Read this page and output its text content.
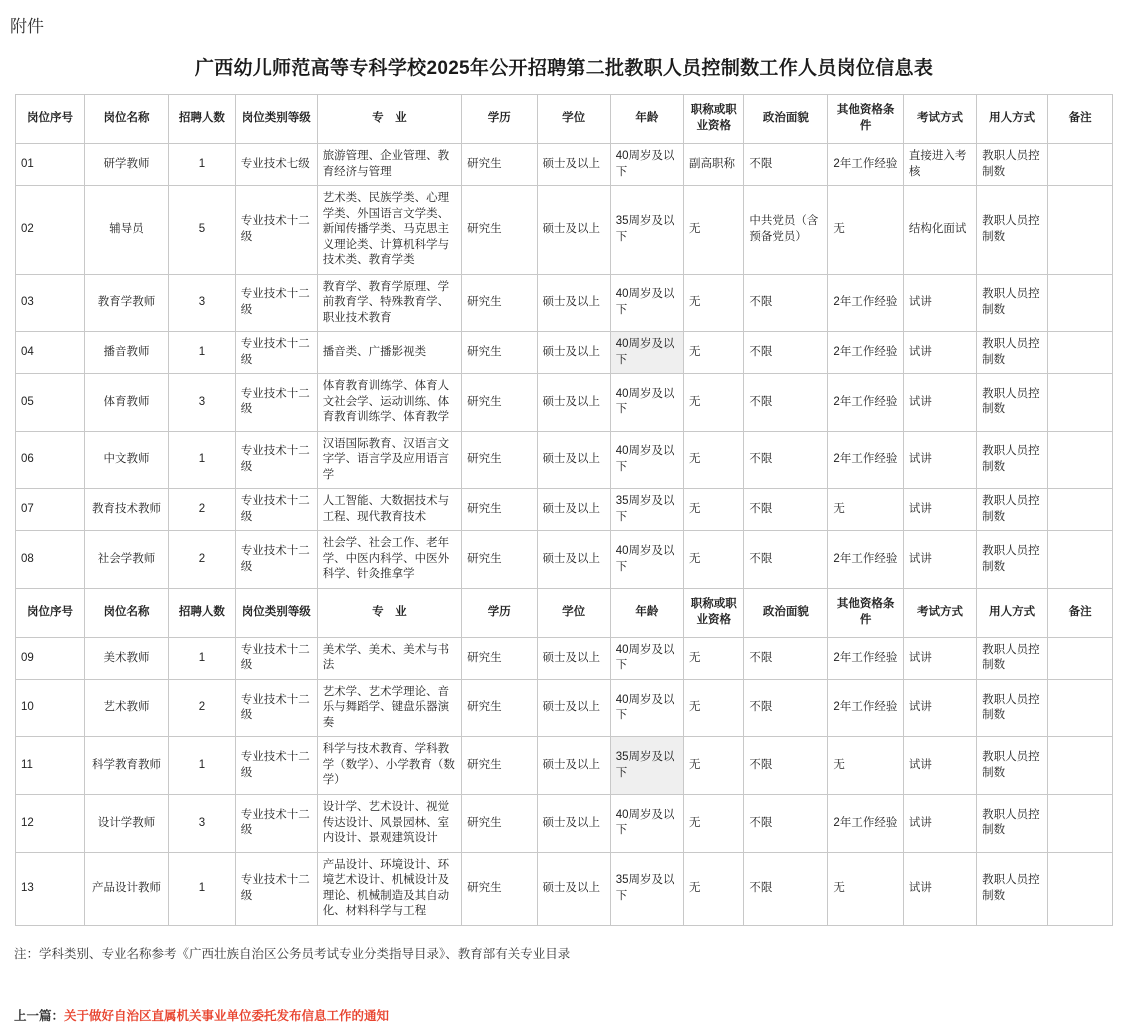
附件
广西幼儿师范高等专科学校2025年公开招聘第二批教职人员控制数工作人员岗位信息表
岗位序号	岗位名称	招聘人数	岗位类别等级	专　业	学历	学位	年龄	职称或职业资格	政治面貌	其他资格条件	考试方式	用人方式	备注
01	研学教师	1	专业技术七级	旅游管理、企业管理、教育经济与管理	研究生	硕士及以上	40周岁及以下	副高职称	不限	2年工作经验	直接进入考核	教职人员控制数	
02	辅导员	5	专业技术十二级	艺术类、民族学类、心理学类、外国语言文学类、新闻传播学类、马克思主义理论类、计算机科学与技术类、教育学类	研究生	硕士及以上	35周岁及以下	无	中共党员（含预备党员）	无	结构化面试	教职人员控制数	
03	教育学教师	3	专业技术十二级	教育学、教育学原理、学前教育学、特殊教育学、职业技术教育	研究生	硕士及以上	40周岁及以下	无	不限	2年工作经验	试讲	教职人员控制数	
04	播音教师	1	专业技术十二级	播音类、广播影视类	研究生	硕士及以上	40周岁及以下	无	不限	2年工作经验	试讲	教职人员控制数	
05	体育教师	3	专业技术十二级	体育教育训练学、体育人文社会学、运动训练、体育教育训练学、体育教学	研究生	硕士及以上	40周岁及以下	无	不限	2年工作经验	试讲	教职人员控制数	
06	中文教师	1	专业技术十二级	汉语国际教育、汉语言文字学、语言学及应用语言学	研究生	硕士及以上	40周岁及以下	无	不限	2年工作经验	试讲	教职人员控制数	
07	教育技术教师	2	专业技术十二级	人工智能、大数据技术与工程、现代教育技术	研究生	硕士及以上	35周岁及以下	无	不限	无	试讲	教职人员控制数	
08	社会学教师	2	专业技术十二级	社会学、社会工作、老年学、中医内科学、中医外科学、针灸推拿学	研究生	硕士及以上	40周岁及以下	无	不限	2年工作经验	试讲	教职人员控制数	
岗位序号	岗位名称	招聘人数	岗位类别等级	专　业	学历	学位	年龄	职称或职业资格	政治面貌	其他资格条件	考试方式	用人方式	备注
09	美术教师	1	专业技术十二级	美术学、美术、美术与书法	研究生	硕士及以上	40周岁及以下	无	不限	2年工作经验	试讲	教职人员控制数	
10	艺术教师	2	专业技术十二级	艺术学、艺术学理论、音乐与舞蹈学、键盘乐器演奏	研究生	硕士及以上	40周岁及以下	无	不限	2年工作经验	试讲	教职人员控制数	
11	科学教育教师	1	专业技术十二级	科学与技术教育、学科教学（数学）、小学教育（数学）	研究生	硕士及以上	35周岁及以下	无	不限	无	试讲	教职人员控制数	
12	设计学教师	3	专业技术十二级	设计学、艺术设计、视觉传达设计、风景园林、室内设计、景观建筑设计	研究生	硕士及以上	40周岁及以下	无	不限	2年工作经验	试讲	教职人员控制数	
13	产品设计教师	1	专业技术十二级	产品设计、环境设计、环境艺术设计、机械设计及理论、机械制造及其自动化、材料科学与工程	研究生	硕士及以上	35周岁及以下	无	不限	无	试讲	教职人员控制数	
注：学科类别、专业名称参考《广西壮族自治区公务员考试专业分类指导目录》、教育部有关专业目录
上一篇：关于做好自治区直属机关事业单位委托发布信息工作的通知
